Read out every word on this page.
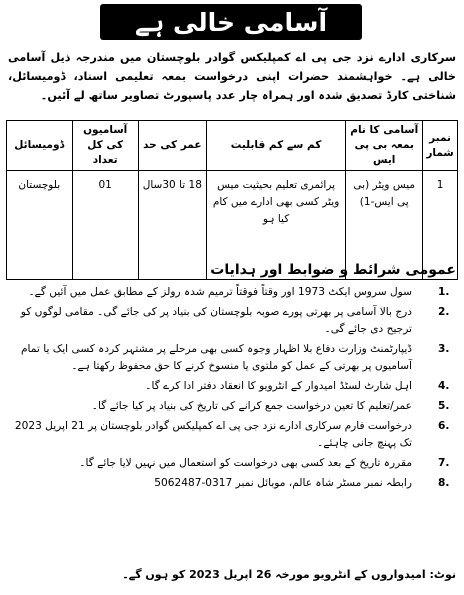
آسامی خالی ہے
سرکاری ادارے نزد جی پی اے کمپلیکس گوادر بلوچستان میں مندرجہ ذیل آسامی خالی ہے۔ خواہشمند حضرات اپنی درخواست بمعہ تعلیمی اسناد، ڈومیسائل، شناختی کارڈ تصدیق شدہ اور ہمراہ چار عدد پاسپورٹ تصاویر ساتھ لے آئیں۔
نمبر شمار	آسامی کا نام بمعہ بی پی ایس	کم سے کم قابلیت	عمر کی حد	آسامیوں کی کل تعداد	ڈومیسائل
1	میس ویٹر (بی پی ایس-1)	پرائمری تعلیم بحیثیت میس ویٹر کسی بھی ادارے میں کام کیا ہو	18 تا 30سال	01	بلوچستان
عمومی شرائط و ضوابط اور ہدایات
1.
سول سروس ایکٹ 1973 اور وقتاً فوقتاً ترمیم شدہ رولز کے مطابق عمل میں آئیں گے۔
2.
درج بالا آسامی پر بھرتی پورے صوبہ بلوچستان کی بنیاد پر کی جائے گی۔ مقامی لوگوں کو ترجیح دی جائے گی۔
3.
ڈیپارٹمنٹ وزارت دفاع بلا اظہار وجوہ کسی بھی مرحلے پر مشتہر کردہ کسی ایک یا تمام آسامیوں پر بھرتی کے عمل کو ملتوی یا منسوخ کرنے کا حق محفوظ رکھتا ہے۔
4.
اہل شارٹ لسٹڈ امیدوار کے انٹرویو کا انعقاد دفتر ادا کرے گا۔
5.
عمر/تعلیم کا تعین درخواست جمع کرانے کی تاریخ کی بنیاد پر کیا جائے گا۔
6.
درخواست فارم سرکاری ادارے نزد جی پی اے کمپلیکس گوادر بلوچستان پر 21 اپریل 2023 تک پہنچ جانی چاہئے۔
7.
مقررہ تاریخ کے بعد کسی بھی درخواست کو استعمال میں نہیں لایا جائے گا۔
8.
رابطہ نمبر مسٹر شاہ عالم، موبائل نمبر 0317-5062487
نوٹ: امیدواروں کے انٹرویو مورخہ 26 اپریل 2023 کو ہوں گے۔
